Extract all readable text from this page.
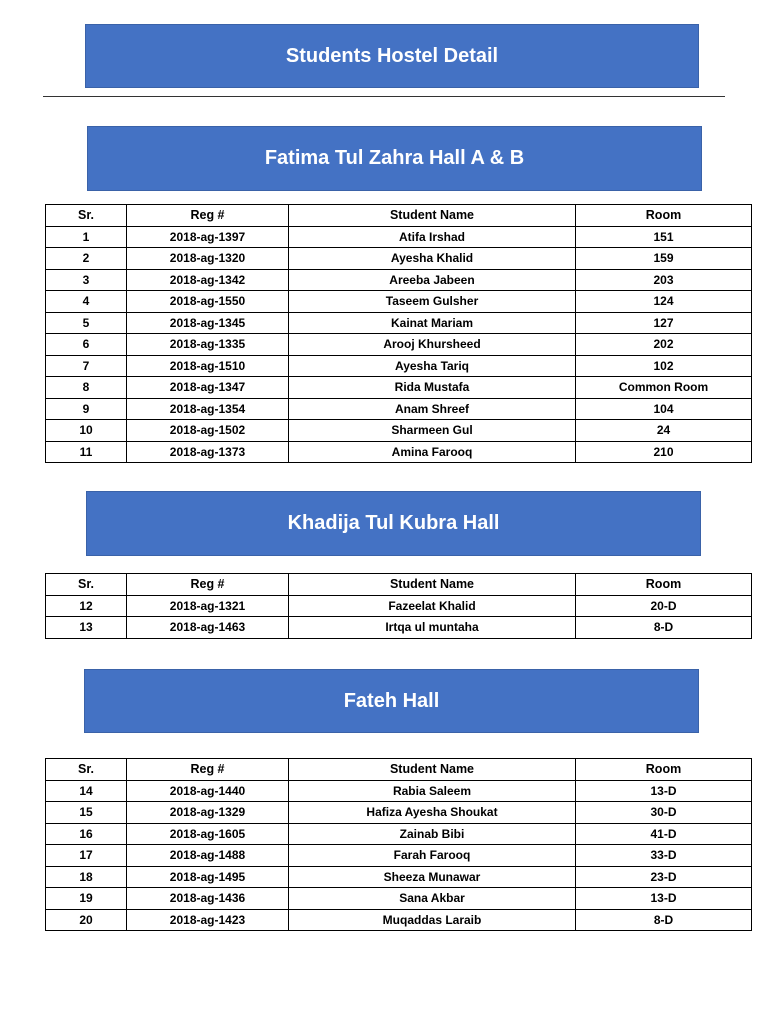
Students Hostel Detail
Fatima Tul Zahra Hall A & B
Sr.	Reg #	Student Name	Room
1	2018-ag-1397	Atifa Irshad	151
2	2018-ag-1320	Ayesha Khalid	159
3	2018-ag-1342	Areeba Jabeen	203
4	2018-ag-1550	Taseem Gulsher	124
5	2018-ag-1345	Kainat Mariam	127
6	2018-ag-1335	Arooj Khursheed	202
7	2018-ag-1510	Ayesha Tariq	102
8	2018-ag-1347	Rida Mustafa	Common Room
9	2018-ag-1354	Anam Shreef	104
10	2018-ag-1502	Sharmeen Gul	24
11	2018-ag-1373	Amina Farooq	210
Khadija Tul Kubra Hall
Sr.	Reg #	Student Name	Room
12	2018-ag-1321	Fazeelat Khalid	20-D
13	2018-ag-1463	Irtqa ul muntaha	8-D
Fateh Hall
Sr.	Reg #	Student Name	Room
14	2018-ag-1440	Rabia Saleem	13-D
15	2018-ag-1329	Hafiza Ayesha Shoukat	30-D
16	2018-ag-1605	Zainab Bibi	41-D
17	2018-ag-1488	Farah Farooq	33-D
18	2018-ag-1495	Sheeza Munawar	23-D
19	2018-ag-1436	Sana Akbar	13-D
20	2018-ag-1423	Muqaddas Laraib	8-D
